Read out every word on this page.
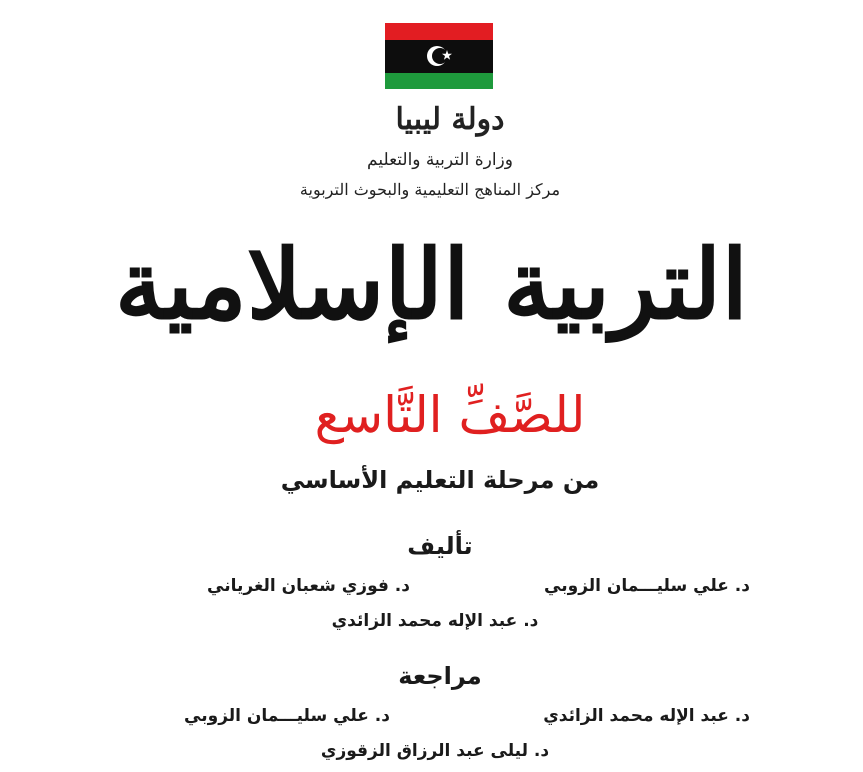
دولة ليبيا
وزارة التربية والتعليم
مركز المناهج التعليمية والبحوث التربوية
التربية الإسلامية
للصَّفِّ التَّاسع
من مرحلة التعليم الأساسي
تأليف
د. علي سليـــمان الزوبي
د. فوزي شعبان الغرياني
د. عبد الإله محمد الزائدي
مراجعة
د. عبد الإله محمد الزائدي
د. علي سليـــمان الزوبي
د. ليلى عبد الرزاق الزقوزي
